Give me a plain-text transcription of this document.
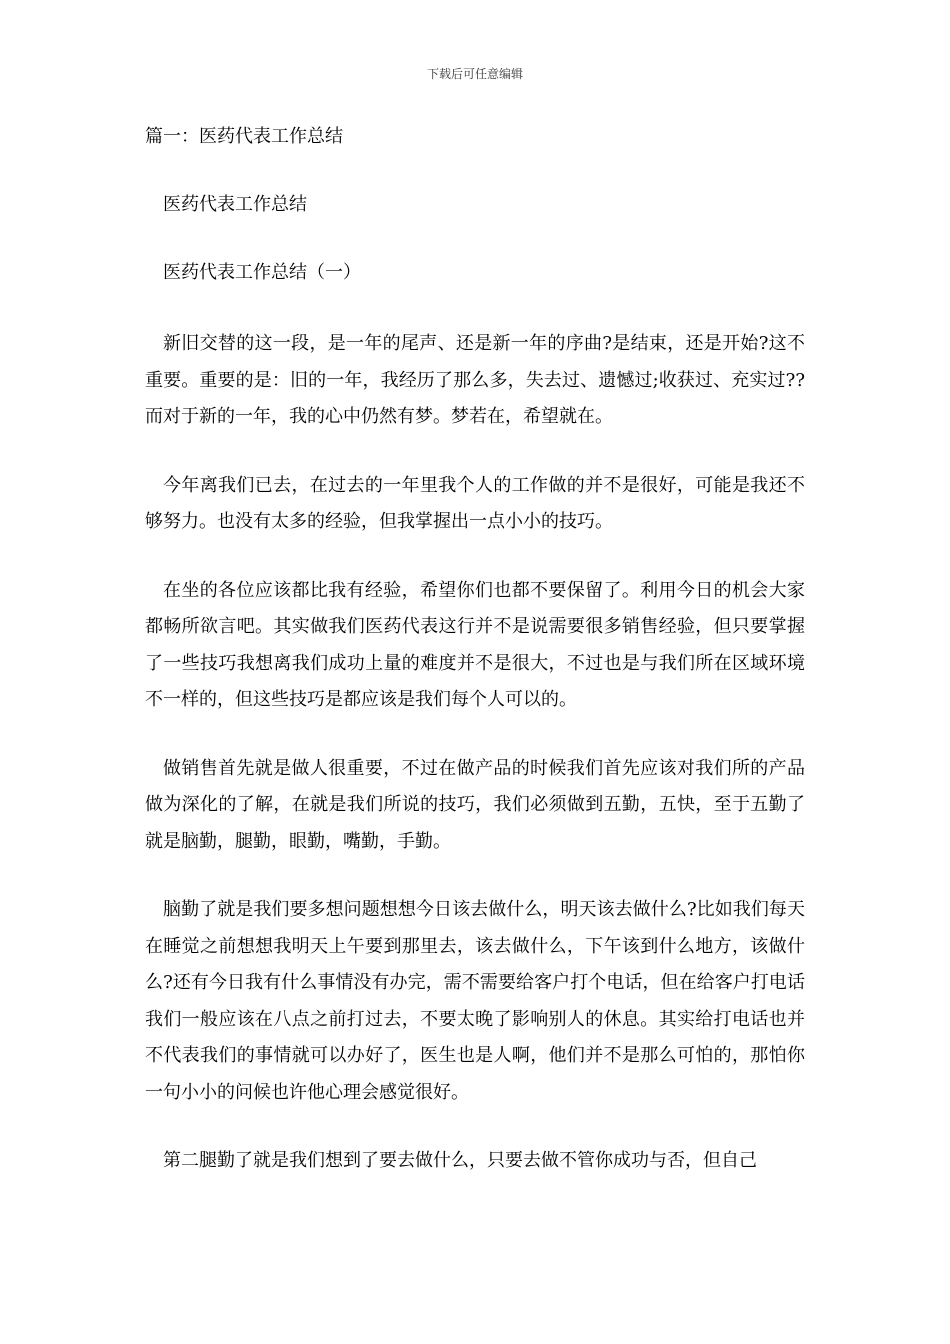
下载后可任意编辑
篇一：医药代表工作总结
医药代表工作总结
医药代表工作总结（一）

新旧交替的这一段，是一年的尾声、还是新一年的序曲?是结束，还是开始?这不重要。重要的是：旧的一年，我经历了那么多，失去过、遗憾过;收获过、充实过??而对于新的一年，我的心中仍然有梦。梦若在，希望就在。

今年离我们已去，在过去的一年里我个人的工作做的并不是很好，可能是我还不够努力。也没有太多的经验，但我掌握出一点小小的技巧。

在坐的各位应该都比我有经验，希望你们也都不要保留了。利用今日的机会大家都畅所欲言吧。其实做我们医药代表这行并不是说需要很多销售经验，但只要掌握了一些技巧我想离我们成功上量的难度并不是很大，不过也是与我们所在区域环境不一样的，但这些技巧是都应该是我们每个人可以的。

做销售首先就是做人很重要，不过在做产品的时候我们首先应该对我们所的产品做为深化的了解，在就是我们所说的技巧，我们必须做到五勤，五快，至于五勤了就是脑勤，腿勤，眼勤，嘴勤，手勤。

脑勤了就是我们要多想问题想想今日该去做什么，明天该去做什么?比如我们每天在睡觉之前想想我明天上午要到那里去，该去做什么，下午该到什么地方，该做什么?还有今日我有什么事情没有办完，需不需要给客户打个电话，但在给客户打电话我们一般应该在八点之前打过去，不要太晚了影响别人的休息。其实给打电话也并不代表我们的事情就可以办好了，医生也是人啊，他们并不是那么可怕的，那怕你一句小小的问候也许他心理会感觉很好。

第二腿勤了就是我们想到了要去做什么，只要去做不管你成功与否，但自己
